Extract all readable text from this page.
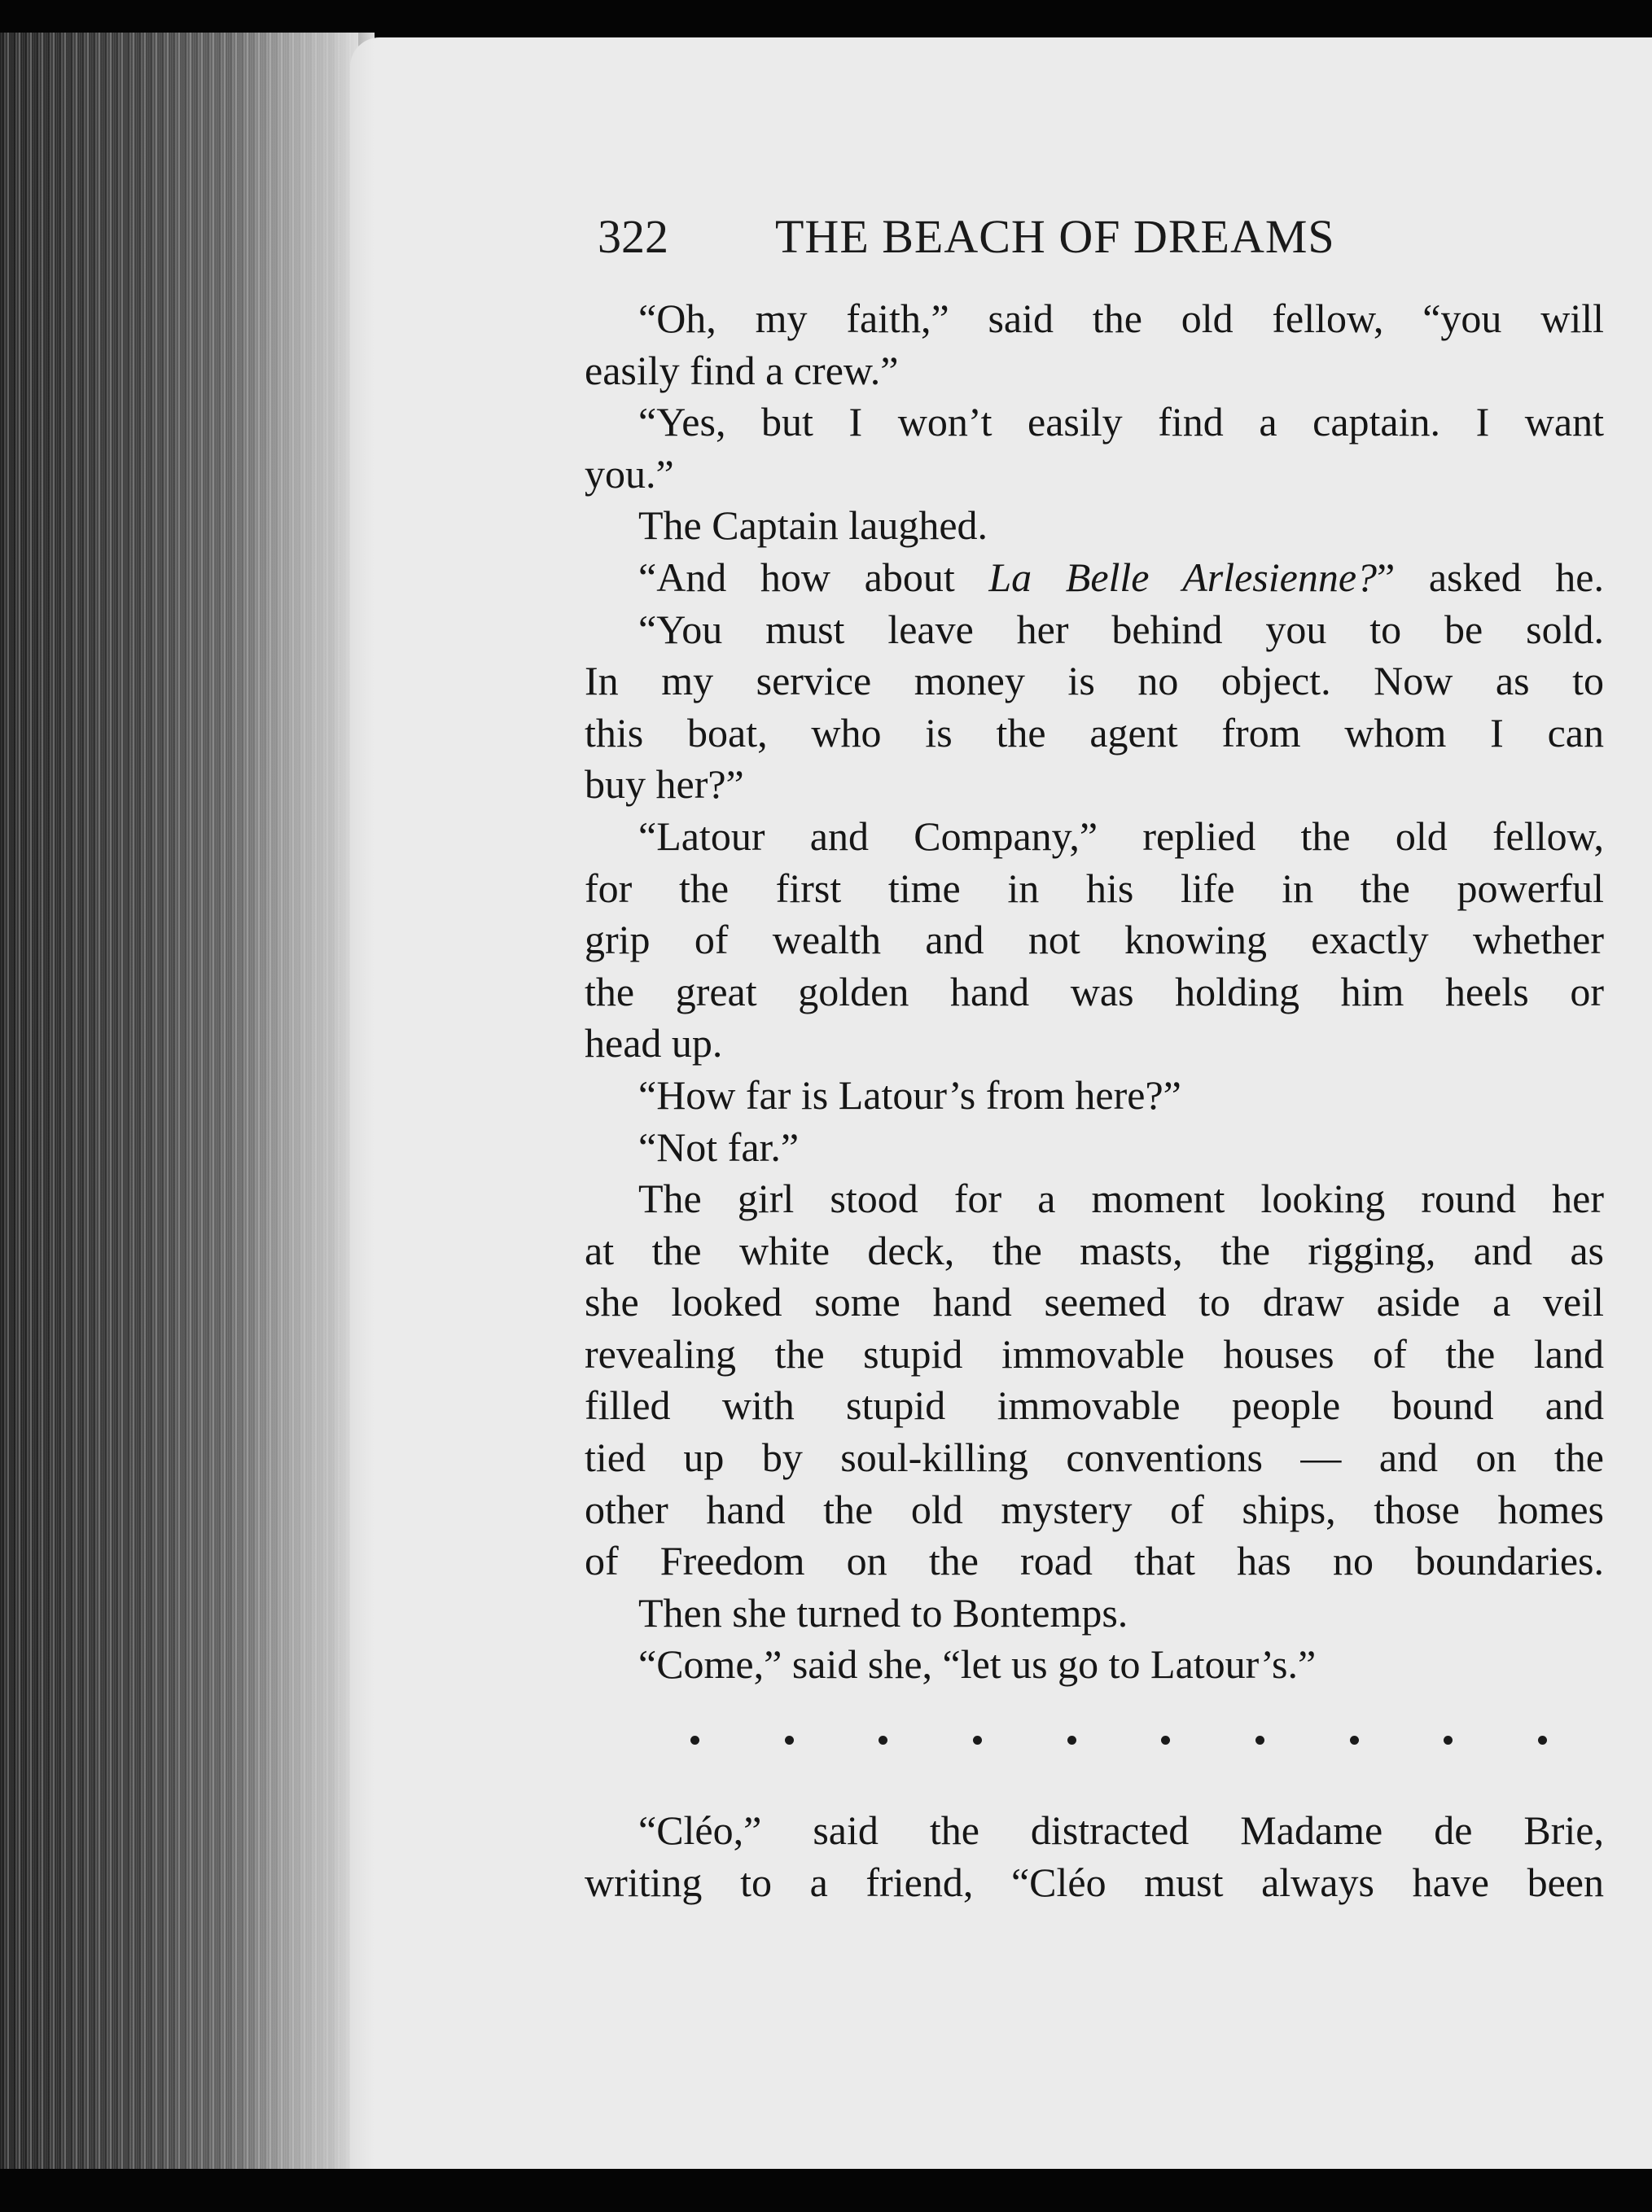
322 THE BEACH OF DREAMS
“Oh, my faith,” said the old fellow, “you will
easily find a crew.”
“Yes, but I won’t easily find a captain. I want
you.”
The Captain laughed.
“And how about La Belle Arlesienne?” asked he.
“You must leave her behind you to be sold.
In my service money is no object. Now as to
this boat, who is the agent from whom I can
buy her?”
“Latour and Company,” replied the old fellow,
for the first time in his life in the powerful
grip of wealth and not knowing exactly whether
the great golden hand was holding him heels or
head up.
“How far is Latour’s from here?”
“Not far.”
The girl stood for a moment looking round her
at the white deck, the masts, the rigging, and as
she looked some hand seemed to draw aside a veil
revealing the stupid immovable houses of the land
filled with stupid immovable people bound and
tied up by soul-killing conventions — and on the
other hand the old mystery of ships, those homes
of Freedom on the road that has no boundaries.
Then she turned to Bontemps.
“Come,” said she, “let us go to Latour’s.”
“Cléo,” said the distracted Madame de Brie,
writing to a friend, “Cléo must always have been
